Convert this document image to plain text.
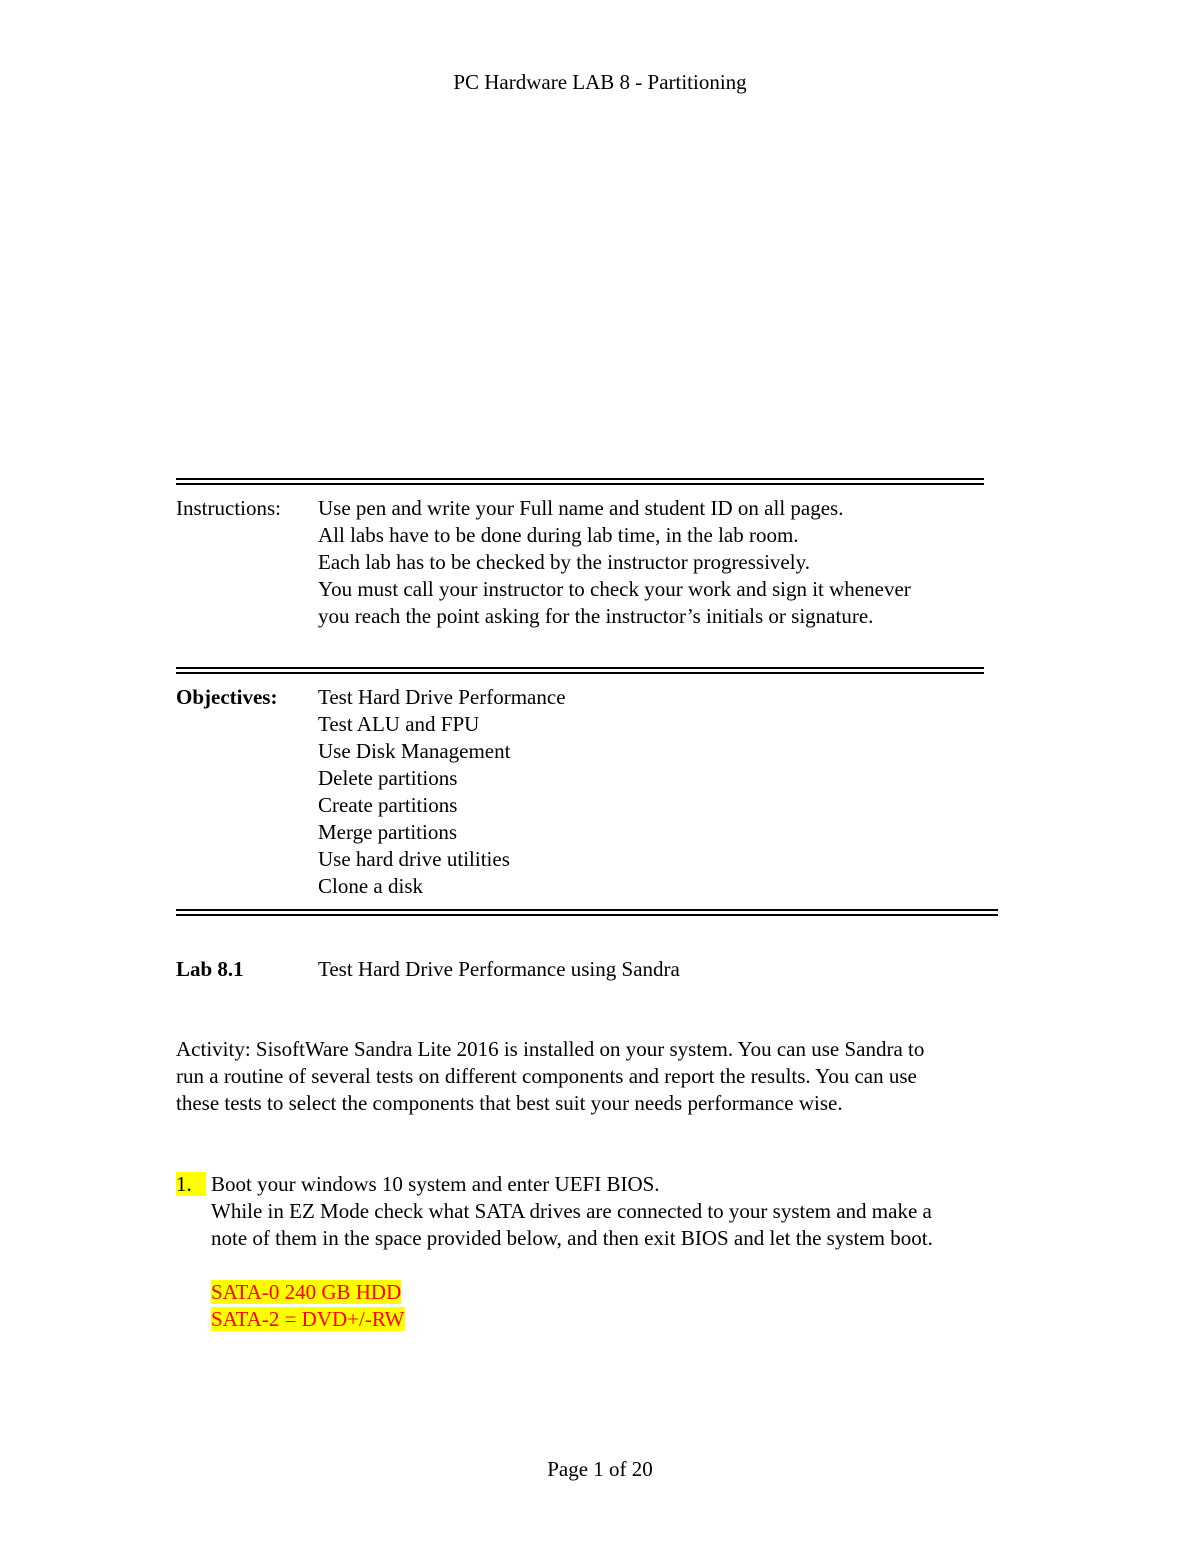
PC Hardware LAB 8 - Partitioning
Instructions:	Use pen and write your Full name and student ID on all pages.
All labs have to be done during lab time, in the lab room.
Each lab has to be checked by the instructor progressively.
You must call your instructor to check your work and sign it whenever
you reach the point asking for the instructor’s initials or signature.
Objectives:	Test Hard Drive Performance
Test ALU and FPU
Use Disk Management
Delete partitions
Create partitions
Merge partitions
Use hard drive utilities
Clone a disk
Lab 8.1	Test Hard Drive Performance using Sandra
Activity: SisoftWare Sandra Lite 2016 is installed on your system. You can use Sandra to
run a routine of several tests on different components and report the results. You can use
these tests to select the components that best suit your needs performance wise.
1. Boot your windows 10 system and enter UEFI BIOS.
While in EZ Mode check what SATA drives are connected to your system and make a
note of them in the space provided below, and then exit BIOS and let the system boot.
SATA-0 240 GB HDD
SATA-2 = DVD+/-RW
Page 1 of 20
